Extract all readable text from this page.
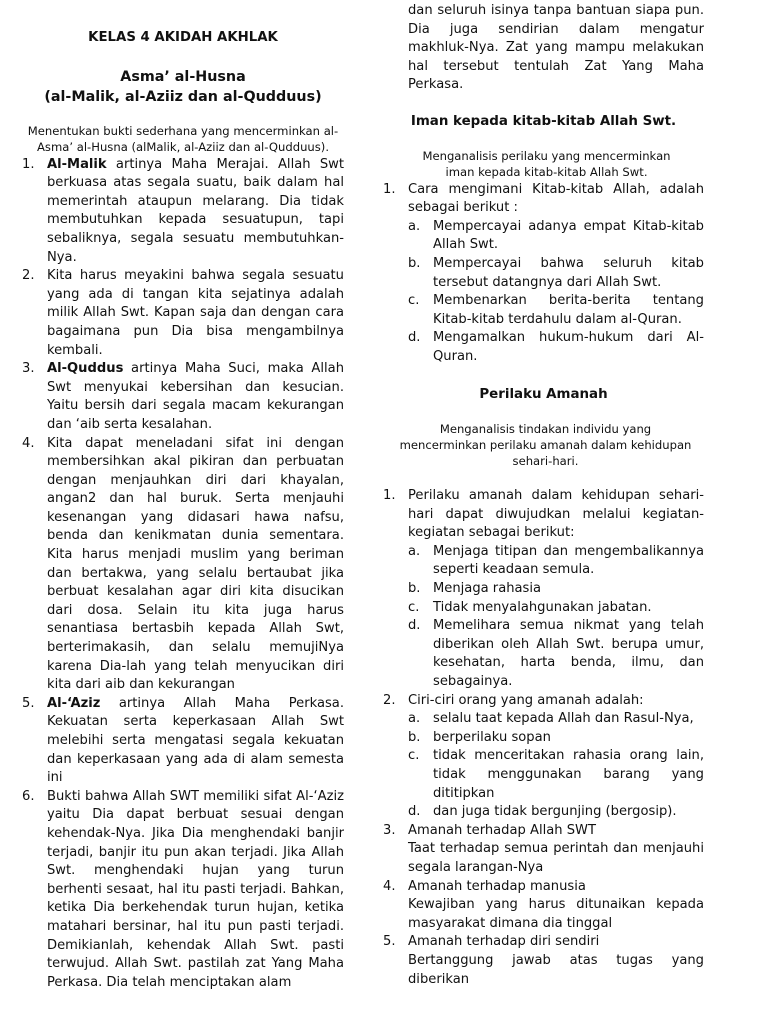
KELAS 4 AKIDAH AKHLAK
Asma’ al-Husna
(al-Malik, al-Aziiz dan al-Qudduus)
Menentukan bukti sederhana yang mencerminkan al-Asma’ al-Husna (alMalik, al-Aziiz dan al-Qudduus).
1. Al-Malik artinya Maha Merajai. Allah Swt berkuasa atas segala suatu, baik dalam hal memerintah ataupun melarang. Dia tidak membutuhkan kepada sesuatupun, tapi sebaliknya, segala sesuatu membutuhkan-Nya.
2. Kita harus meyakini bahwa segala sesuatu yang ada di tangan kita sejatinya adalah milik Allah Swt. Kapan saja dan dengan cara bagaimana pun Dia bisa mengambilnya kembali.
3. Al-Quddus artinya Maha Suci, maka Allah Swt menyukai kebersihan dan kesucian. Yaitu bersih dari segala macam kekurangan dan ‘aib serta kesalahan.
4. Kita dapat meneladani sifat ini dengan membersihkan akal pikiran dan perbuatan dengan menjauhkan diri dari khayalan, angan2 dan hal buruk. Serta menjauhi kesenangan yang didasari hawa nafsu, benda dan kenikmatan dunia sementara. Kita harus menjadi muslim yang beriman dan bertakwa, yang selalu bertaubat jika berbuat kesalahan agar diri kita disucikan dari dosa. Selain itu kita juga harus senantiasa bertasbih kepada Allah Swt, berterimakasih, dan selalu memujiNya karena Dia-lah yang telah menyucikan diri kita dari aib dan kekurangan
5. Al-‘Aziz artinya Allah Maha Perkasa. Kekuatan serta keperkasaan Allah Swt melebihi serta mengatasi segala kekuatan dan keperkasaan yang ada di alam semesta ini
6. Bukti bahwa Allah SWT memiliki sifat Al-‘Aziz yaitu Dia dapat berbuat sesuai dengan kehendak-Nya. Jika Dia menghendaki banjir terjadi, banjir itu pun akan terjadi. Jika Allah Swt. menghendaki hujan yang turun berhenti sesaat, hal itu pasti terjadi. Bahkan, ketika Dia berkehendak turun hujan, ketika matahari bersinar, hal itu pun pasti terjadi. Demikianlah, kehendak Allah Swt. pasti terwujud. Allah Swt. pastilah zat Yang Maha Perkasa. Dia telah menciptakan alam
dan seluruh isinya tanpa bantuan siapa pun. Dia juga sendirian dalam mengatur makhluk-Nya. Zat yang mampu melakukan hal tersebut tentulah Zat Yang Maha Perkasa.
Iman kepada kitab-kitab Allah Swt.
Menganalisis perilaku yang mencerminkan iman kepada kitab-kitab Allah Swt.
1. Cara mengimani Kitab-kitab Allah, adalah sebagai berikut :
a. Mempercayai adanya empat Kitab-kitab Allah Swt.
b. Mempercayai bahwa seluruh kitab tersebut datangnya dari Allah Swt.
c. Membenarkan berita-berita tentang Kitab-kitab terdahulu dalam al-Quran.
d. Mengamalkan hukum-hukum dari Al-Quran.
Perilaku Amanah
Menganalisis tindakan individu yang mencerminkan perilaku amanah dalam kehidupan sehari-hari.
1. Perilaku amanah dalam kehidupan sehari-hari dapat diwujudkan melalui kegiatan-kegiatan sebagai berikut:
a. Menjaga titipan dan mengembalikannya seperti keadaan semula.
b. Menjaga rahasia
c. Tidak menyalahgunakan jabatan.
d. Memelihara semua nikmat yang telah diberikan oleh Allah Swt. berupa umur, kesehatan, harta benda, ilmu, dan sebagainya.
2. Ciri-ciri orang yang amanah adalah:
a. selalu taat kepada Allah dan Rasul-Nya,
b. berperilaku sopan
c. tidak menceritakan rahasia orang lain, tidak menggunakan barang yang dititipkan
d. dan juga tidak bergunjing (bergosip).
3. Amanah terhadap Allah SWT
Taat terhadap semua perintah dan menjauhi segala larangan-Nya
4. Amanah terhadap manusia
Kewajiban yang harus ditunaikan kepada masyarakat dimana dia tinggal
5. Amanah terhadap diri sendiri
Bertanggung jawab atas tugas yang diberikan
